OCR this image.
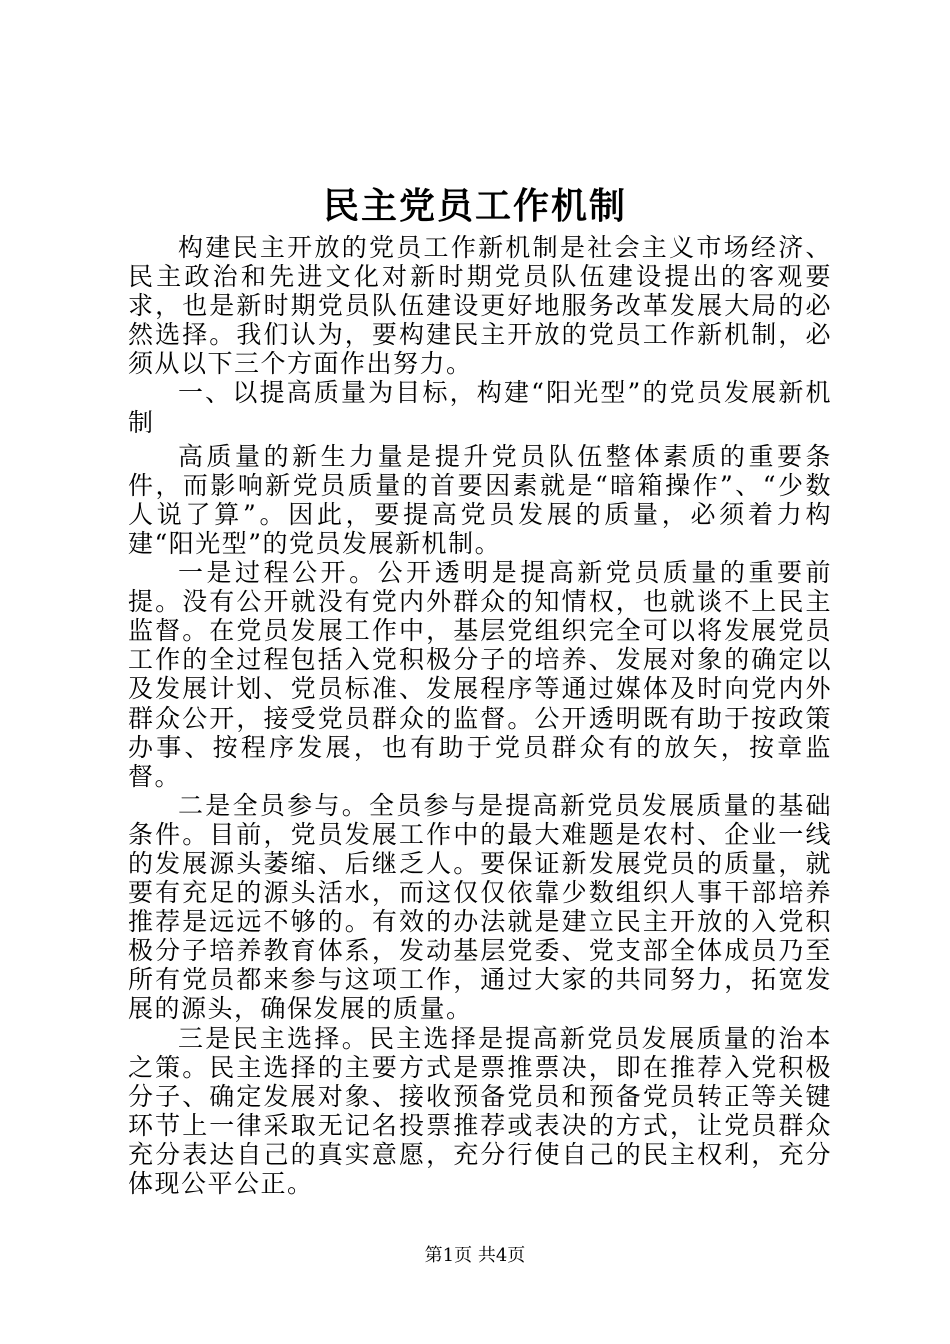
民主党员工作机制

构建民主开放的党员工作新机制是社会主义市场经济、民主政治和先进文化对新时期党员队伍建设提出的客观要求，也是新时期党员队伍建设更好地服务改革发展大局的必然选择。我们认为，要构建民主开放的党员工作新机制，必须从以下三个方面作出努力。

一、以提高质量为目标，构建“阳光型”的党员发展新机制

高质量的新生力量是提升党员队伍整体素质的重要条件，而影响新党员质量的首要因素就是“暗箱操作”、“少数人说了算”。因此，要提高党员发展的质量，必须着力构建“阳光型”的党员发展新机制。

一是过程公开。公开透明是提高新党员质量的重要前提。没有公开就没有党内外群众的知情权，也就谈不上民主监督。在党员发展工作中，基层党组织完全可以将发展党员工作的全过程包括入党积极分子的培养、发展对象的确定以及发展计划、党员标准、发展程序等通过媒体及时向党内外群众公开，接受党员群众的监督。公开透明既有助于按政策办事、按程序发展，也有助于党员群众有的放矢，按章监督。

二是全员参与。全员参与是提高新党员发展质量的基础条件。目前，党员发展工作中的最大难题是农村、企业一线的发展源头萎缩、后继乏人。要保证新发展党员的质量，就要有充足的源头活水，而这仅仅依靠少数组织人事干部培养推荐是远远不够的。有效的办法就是建立民主开放的入党积极分子培养教育体系，发动基层党委、党支部全体成员乃至所有党员都来参与这项工作，通过大家的共同努力，拓宽发展的源头，确保发展的质量。

三是民主选择。民主选择是提高新党员发展质量的治本之策。民主选择的主要方式是票推票决，即在推荐入党积极分子、确定发展对象、接收预备党员和预备党员转正等关键环节上一律采取无记名投票推荐或表决的方式，让党员群众充分表达自己的真实意愿，充分行使自己的民主权利，充分体现公平公正。

第1页 共4页
